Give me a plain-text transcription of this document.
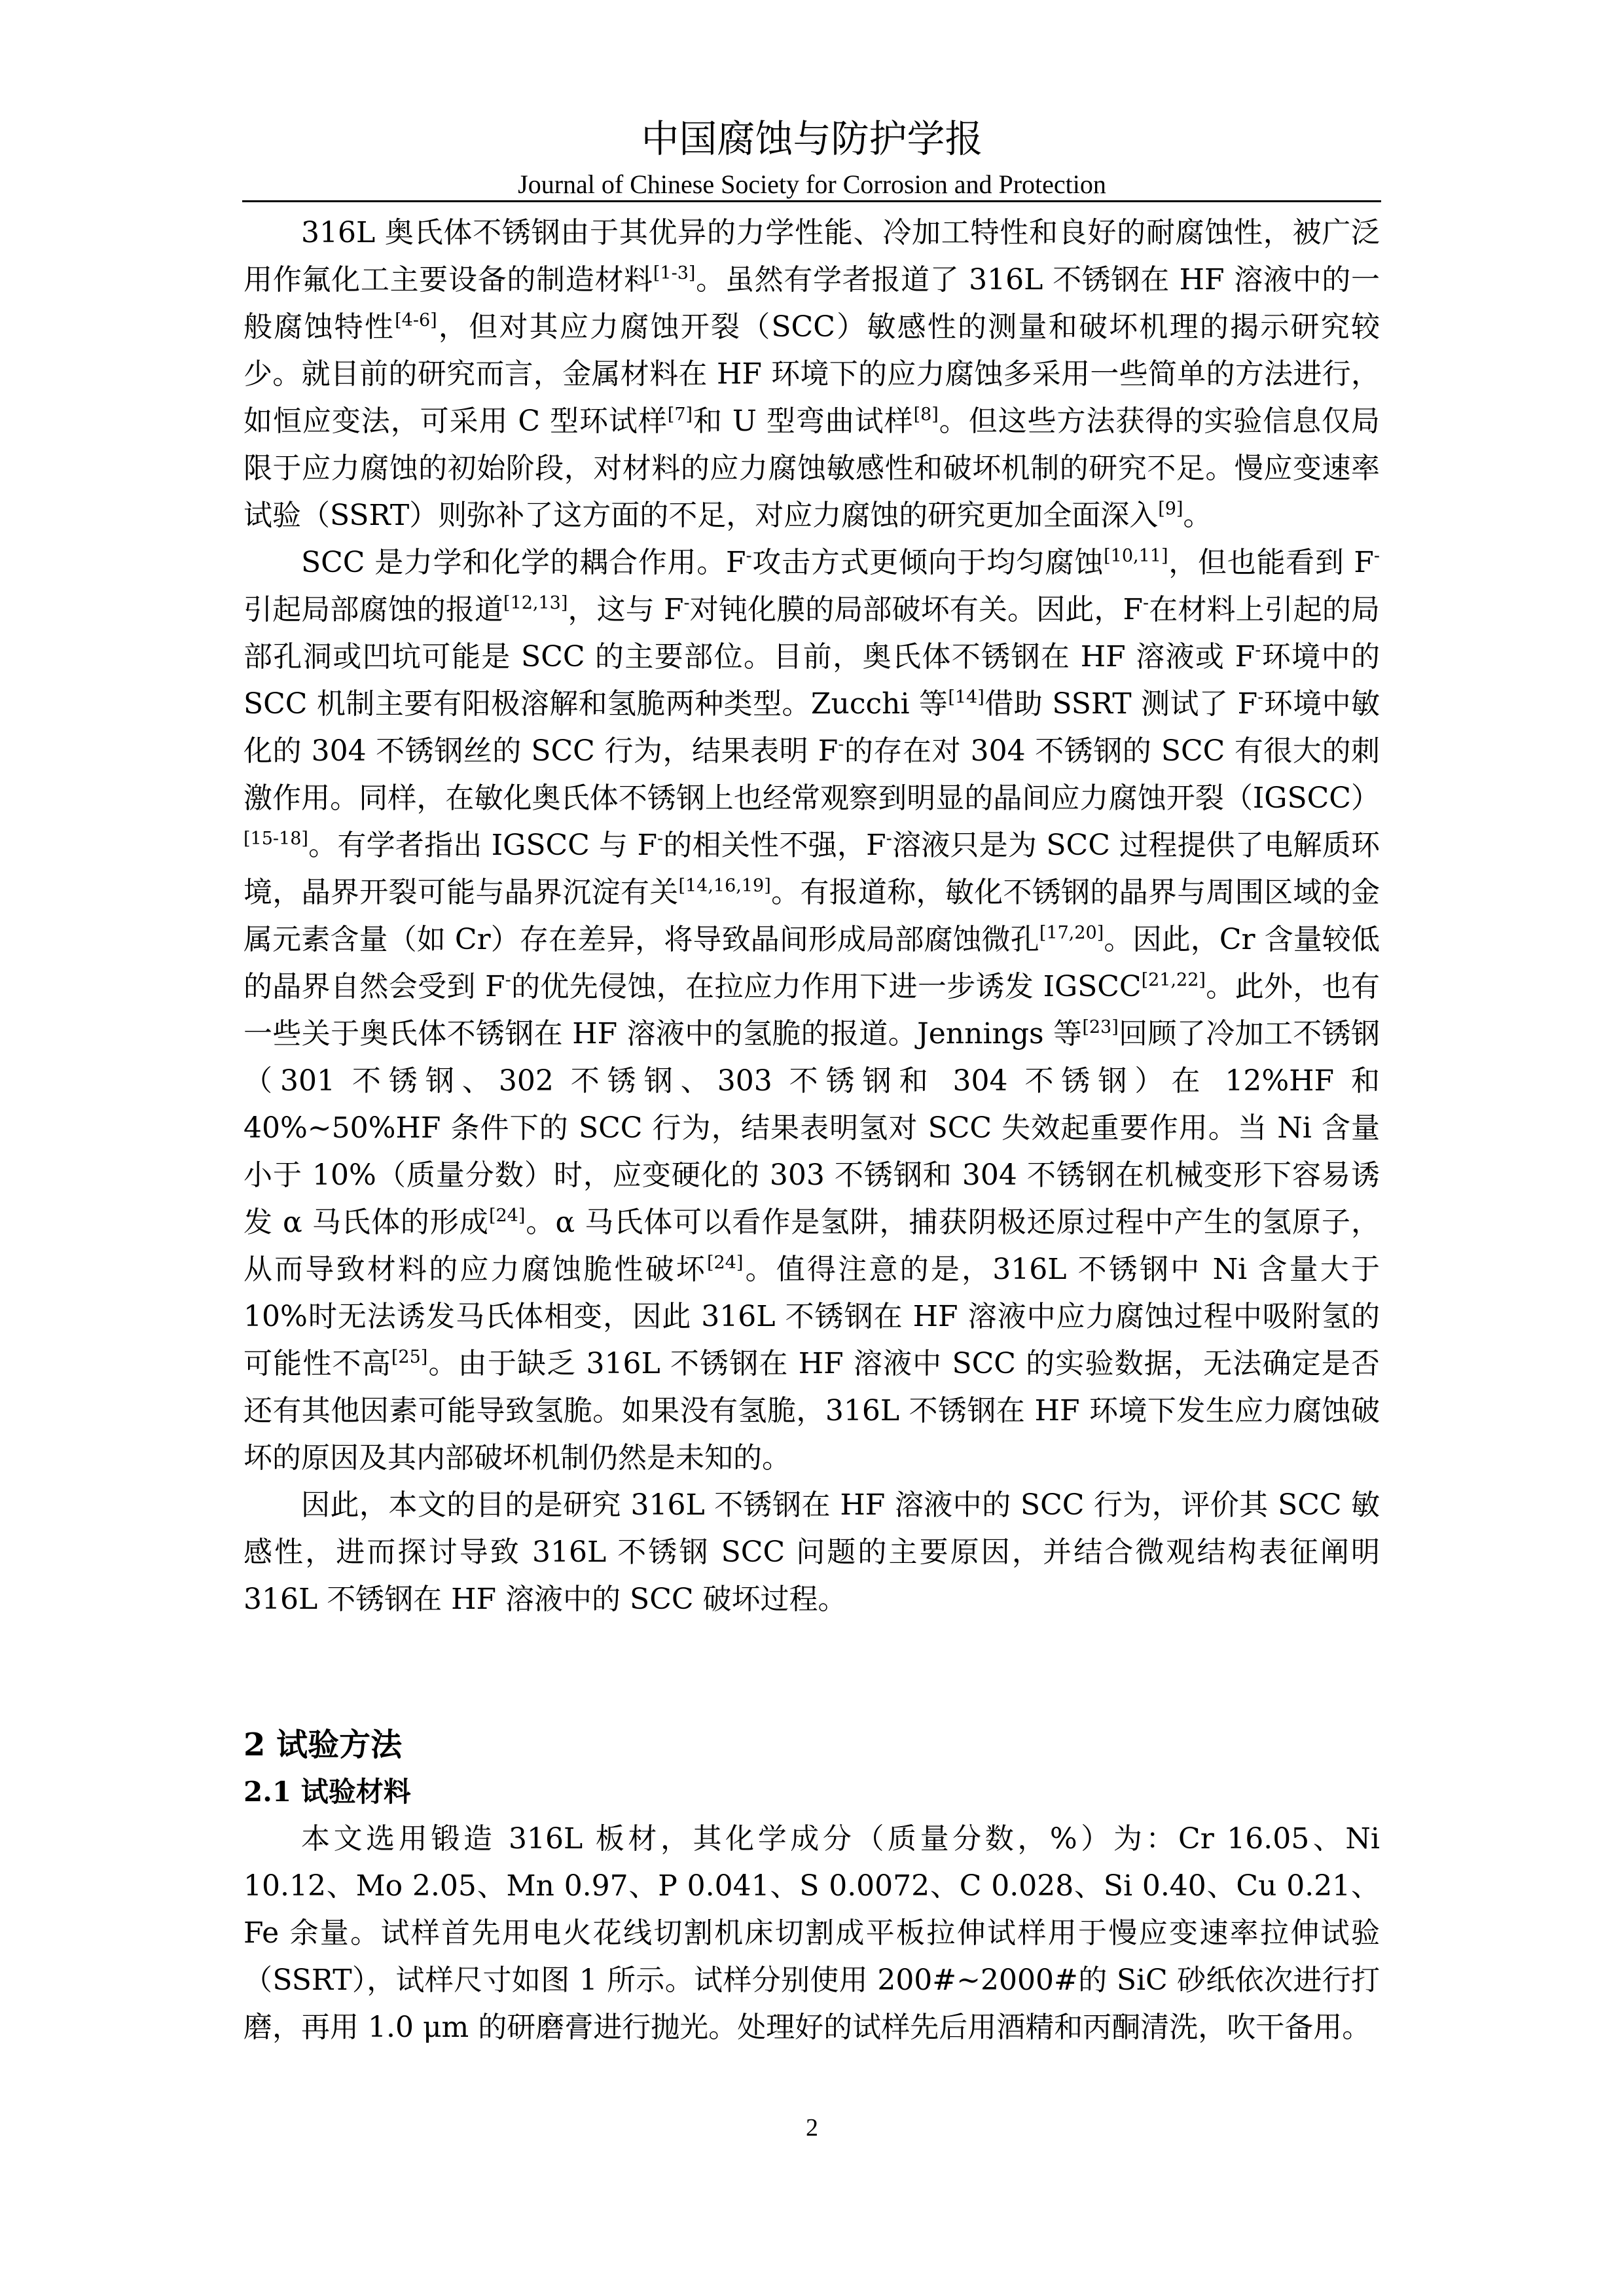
中国腐蚀与防护学报
Journal of Chinese Society for Corrosion and Protection

316L 奥氏体不锈钢由于其优异的力学性能、冷加工特性和良好的耐腐蚀性，被广泛用作氟化工主要设备的制造材料[1-3]。虽然有学者报道了 316L 不锈钢在 HF 溶液中的一般腐蚀特性[4-6]，但对其应力腐蚀开裂（SCC）敏感性的测量和破坏机理的揭示研究较少。就目前的研究而言，金属材料在 HF 环境下的应力腐蚀多采用一些简单的方法进行，如恒应变法，可采用 C 型环试样[7]和 U 型弯曲试样[8]。但这些方法获得的实验信息仅局限于应力腐蚀的初始阶段，对材料的应力腐蚀敏感性和破坏机制的研究不足。慢应变速率试验（SSRT）则弥补了这方面的不足，对应力腐蚀的研究更加全面深入[9]。

SCC 是力学和化学的耦合作用。F-攻击方式更倾向于均匀腐蚀[10,11]，但也能看到 F-引起局部腐蚀的报道[12,13]，这与 F-对钝化膜的局部破坏有关。因此，F-在材料上引起的局部孔洞或凹坑可能是 SCC 的主要部位。目前，奥氏体不锈钢在 HF 溶液或 F-环境中的 SCC 机制主要有阳极溶解和氢脆两种类型。Zucchi 等[14]借助 SSRT 测试了 F-环境中敏化的 304 不锈钢丝的 SCC 行为，结果表明 F-的存在对 304 不锈钢的 SCC 有很大的刺激作用。同样，在敏化奥氏体不锈钢上也经常观察到明显的晶间应力腐蚀开裂（IGSCC）[15-18]。有学者指出 IGSCC 与 F-的相关性不强，F-溶液只是为 SCC 过程提供了电解质环境，晶界开裂可能与晶界沉淀有关[14,16,19]。有报道称，敏化不锈钢的晶界与周围区域的金属元素含量（如 Cr）存在差异，将导致晶间形成局部腐蚀微孔[17,20]。因此，Cr 含量较低的晶界自然会受到 F-的优先侵蚀，在拉应力作用下进一步诱发 IGSCC[21,22]。此外，也有一些关于奥氏体不锈钢在 HF 溶液中的氢脆的报道。Jennings 等[23]回顾了冷加工不锈钢（301 不锈钢、302 不锈钢、303 不锈钢和 304 不锈钢）在 12%HF 和 40%~50%HF 条件下的 SCC 行为，结果表明氢对 SCC 失效起重要作用。当 Ni 含量小于 10%（质量分数）时，应变硬化的 303 不锈钢和 304 不锈钢在机械变形下容易诱发 α 马氏体的形成[24]。α 马氏体可以看作是氢阱，捕获阴极还原过程中产生的氢原子，从而导致材料的应力腐蚀脆性破坏[24]。值得注意的是，316L 不锈钢中 Ni 含量大于 10%时无法诱发马氏体相变，因此 316L 不锈钢在 HF 溶液中应力腐蚀过程中吸附氢的可能性不高[25]。由于缺乏 316L 不锈钢在 HF 溶液中 SCC 的实验数据，无法确定是否还有其他因素可能导致氢脆。如果没有氢脆，316L 不锈钢在 HF 环境下发生应力腐蚀破坏的原因及其内部破坏机制仍然是未知的。

因此，本文的目的是研究 316L 不锈钢在 HF 溶液中的 SCC 行为，评价其 SCC 敏感性，进而探讨导致 316L 不锈钢 SCC 问题的主要原因，并结合微观结构表征阐明 316L 不锈钢在 HF 溶液中的 SCC 破坏过程。

2 试验方法
2.1 试验材料

本文选用锻造 316L 板材，其化学成分（质量分数，%）为：Cr 16.05、Ni 10.12、Mo 2.05、Mn 0.97、P 0.041、S 0.0072、C 0.028、Si 0.40、Cu 0.21、Fe 余量。试样首先用电火花线切割机床切割成平板拉伸试样用于慢应变速率拉伸试验（SSRT），试样尺寸如图 1 所示。试样分别使用 200#~2000#的 SiC 砂纸依次进行打磨，再用 1.0 μm 的研磨膏进行抛光。处理好的试样先后用酒精和丙酮清洗，吹干备用。

2
